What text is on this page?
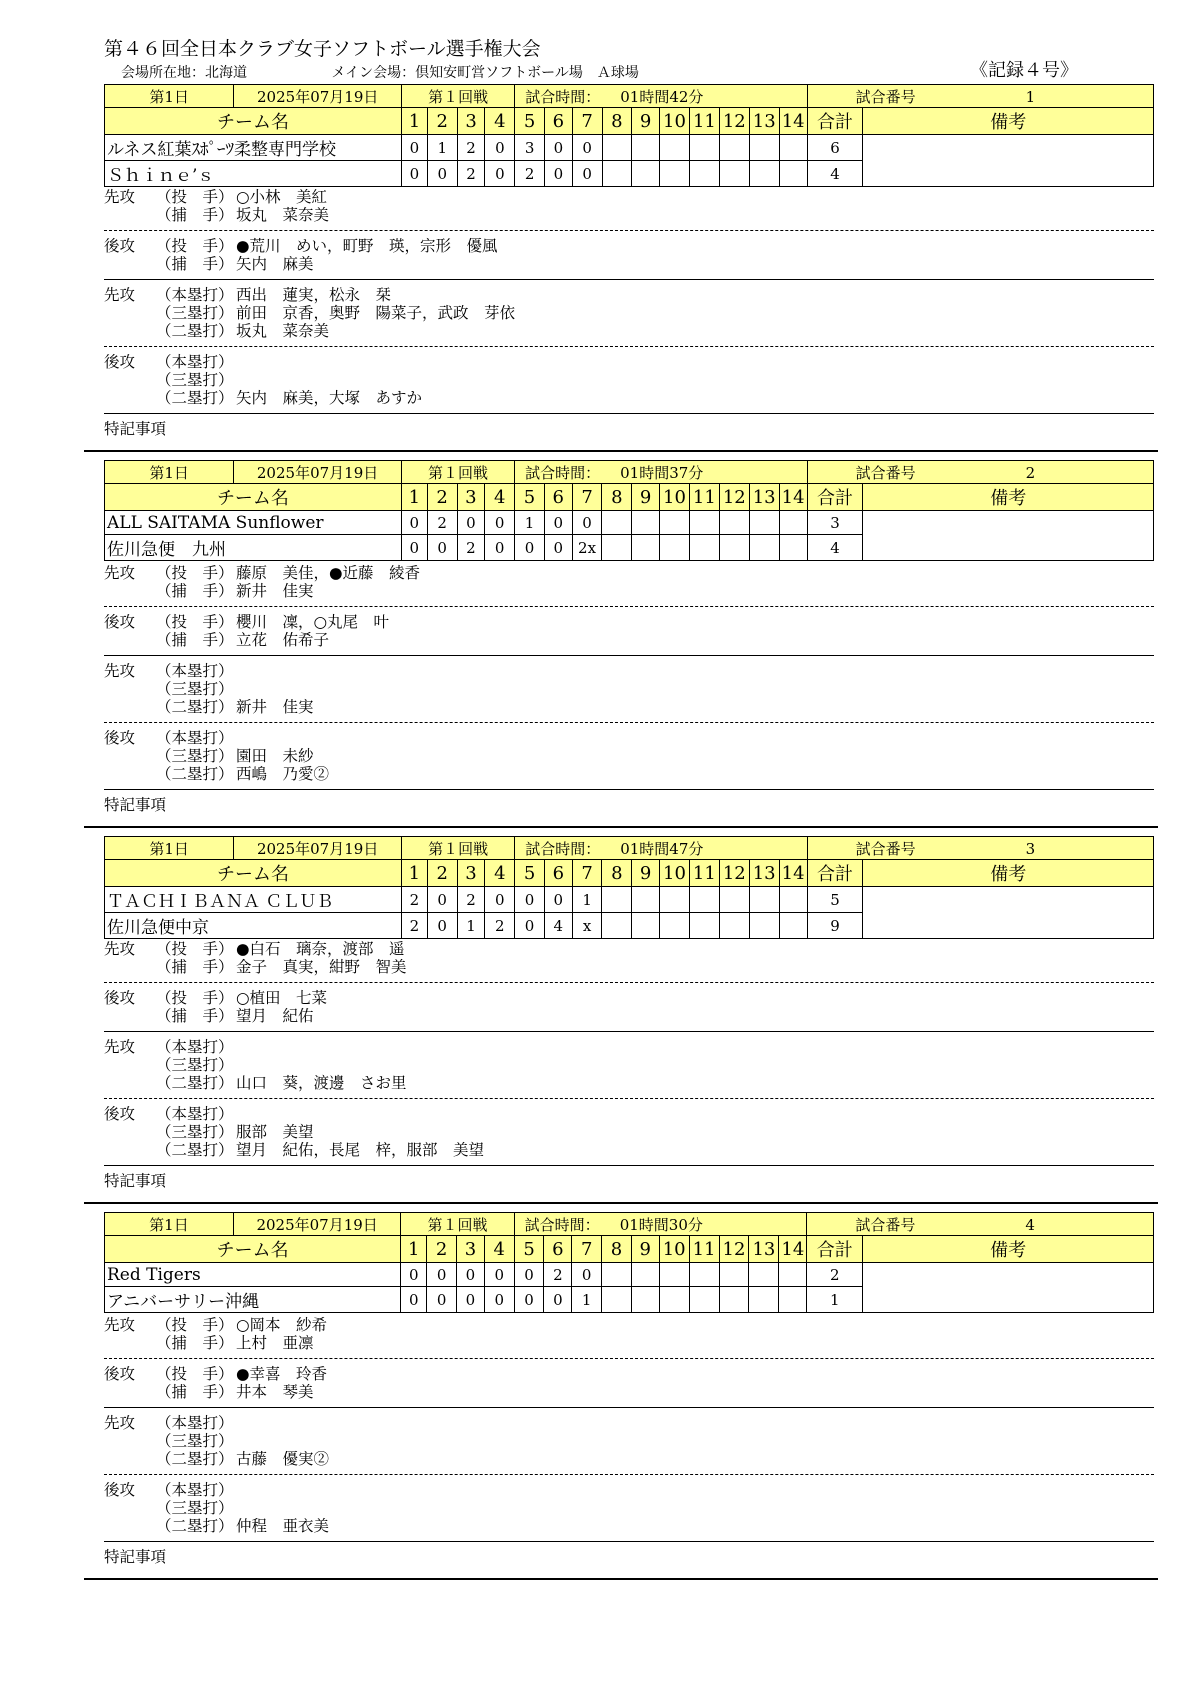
第４６回全日本クラブ女子ソフトボール選手権大会
会場所在地：北海道	メイン会場：倶知安町営ソフトボール場　Ａ球場	《記録４号》
第1日	2025年07月19日	第１回戦				試合時間： 01時間42分										試合番号 1	
チーム名		1	2	3	4	5	6	7	8	9	10	11	12	13	14	合計	備考
ルネス紅葉ｽﾎﾟｰﾂ柔整専門学校		0	1	2	0	3	0	0								6	
Ｓｈｉｎｅ’ｓ		0	0	2	0	2	0	0								4	
先攻	（投　手） ○小林　美紅
（捕　手） 坂丸　菜奈美
後攻	（投　手） ●荒川　めい，町野　瑛，宗形　優風
（捕　手） 矢内　麻美
先攻	（本塁打） 西出　蓮実，松永　栞
（三塁打） 前田　京香，奥野　陽菜子，武政　芽依
（二塁打） 坂丸　菜奈美
後攻	（本塁打）
（三塁打）
（二塁打） 矢内　麻美，大塚　あすか
特記事項
第1日	2025年07月19日	第１回戦				試合時間： 01時間37分										試合番号 2	
チーム名		1	2	3	4	5	6	7	8	9	10	11	12	13	14	合計	備考
ALL SAITAMA Sunflower		0	2	0	0	1	0	0								3	
佐川急便　九州		0	0	2	0	0	0	2x								4	
先攻	（投　手） 藤原　美佳，●近藤　綾香
（捕　手） 新井　佳実
後攻	（投　手） 櫻川　凜，○丸尾　叶
（捕　手） 立花　佑希子
先攻	（本塁打）
（三塁打）
（二塁打） 新井　佳実
後攻	（本塁打）
（三塁打） 園田　未紗
（二塁打） 西嶋　乃愛②
特記事項
第1日	2025年07月19日	第１回戦				試合時間： 01時間47分										試合番号 3	
チーム名		1	2	3	4	5	6	7	8	9	10	11	12	13	14	合計	備考
ＴＡＣＨＩＢＡＮＡ ＣＬＵＢ		2	0	2	0	0	0	1								5	
佐川急便中京		2	0	1	2	0	4	x								9	
先攻	（投　手） ●白石　璃奈，渡部　遥
（捕　手） 金子　真実，紺野　智美
後攻	（投　手） ○植田　七菜
（捕　手） 望月　紀佑
先攻	（本塁打）
（三塁打）
（二塁打） 山口　葵，渡邊　さお里
後攻	（本塁打）
（三塁打） 服部　美望
（二塁打） 望月　紀佑，長尾　梓，服部　美望
特記事項
第1日	2025年07月19日	第１回戦				試合時間： 01時間30分										試合番号 4	
チーム名		1	2	3	4	5	6	7	8	9	10	11	12	13	14	合計	備考
Red Tigers		0	0	0	0	0	2	0								2	
アニバーサリー沖縄		0	0	0	0	0	0	1								1	
先攻	（投　手） ○岡本　紗希
（捕　手） 上村　亜凛
後攻	（投　手） ●幸喜　玲香
（捕　手） 井本　琴美
先攻	（本塁打）
（三塁打）
（二塁打） 古藤　優実②
後攻	（本塁打）
（三塁打）
（二塁打） 仲程　亜衣美
特記事項
